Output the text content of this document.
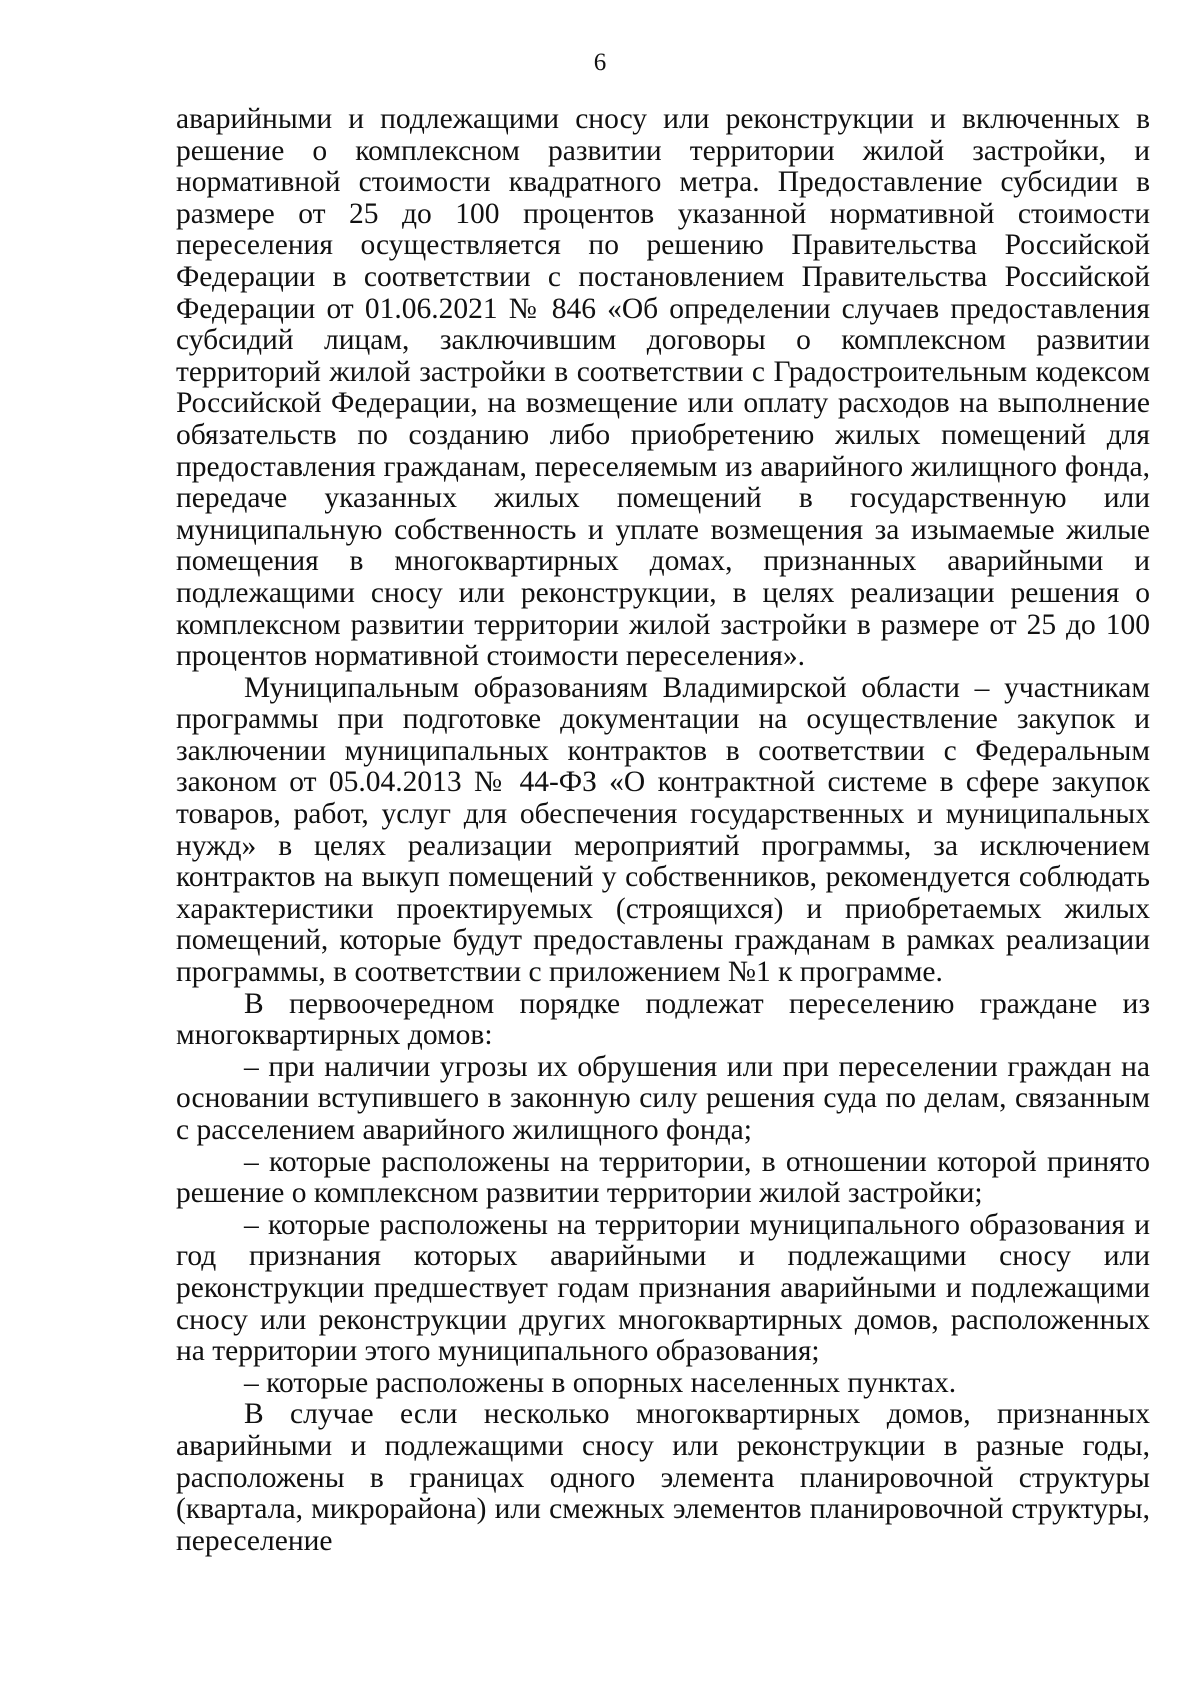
6

аварийными и подлежащими сносу или реконструкции и включенных в решение о комплексном развитии территории жилой застройки, и нормативной стоимости квадратного метра. Предоставление субсидии в размере от 25 до 100 процентов указанной нормативной стоимости переселения осуществляется по решению Правительства Российской Федерации в соответствии с постановлением Правительства Российской Федерации от 01.06.2021 № 846 «Об определении случаев предоставления субсидий лицам, заключившим договоры о комплексном развитии территорий жилой застройки в соответствии с Градостроительным кодексом Российской Федерации, на возмещение или оплату расходов на выполнение обязательств по созданию либо приобретению жилых помещений для предоставления гражданам, переселяемым из аварийного жилищного фонда, передаче указанных жилых помещений в государственную или муниципальную собственность и уплате возмещения за изымаемые жилые помещения в многоквартирных домах, признанных аварийными и подлежащими сносу или реконструкции, в целях реализации решения о комплексном развитии территории жилой застройки в размере от 25 до 100 процентов нормативной стоимости переселения».

Муниципальным образованиям Владимирской области – участникам программы при подготовке документации на осуществление закупок и заключении муниципальных контрактов в соответствии с Федеральным законом от 05.04.2013 № 44-ФЗ «О контрактной системе в сфере закупок товаров, работ, услуг для обеспечения государственных и муниципальных нужд» в целях реализации мероприятий программы, за исключением контрактов на выкуп помещений у собственников, рекомендуется соблюдать характеристики проектируемых (строящихся) и приобретаемых жилых помещений, которые будут предоставлены гражданам в рамках реализации программы, в соответствии с приложением №1 к программе.

В первоочередном порядке подлежат переселению граждане из многоквартирных домов:

– при наличии угрозы их обрушения или при переселении граждан на основании вступившего в законную силу решения суда по делам, связанным с расселением аварийного жилищного фонда;

– которые расположены на территории, в отношении которой принято решение о комплексном развитии территории жилой застройки;

– которые расположены на территории муниципального образования и год признания которых аварийными и подлежащими сносу или реконструкции предшествует годам признания аварийными и подлежащими сносу или реконструкции других многоквартирных домов, расположенных на территории этого муниципального образования;

– которые расположены в опорных населенных пунктах.

В случае если несколько многоквартирных домов, признанных аварийными и подлежащими сносу или реконструкции в разные годы, расположены в границах одного элемента планировочной структуры (квартала, микрорайона) или смежных элементов планировочной структуры, переселение
